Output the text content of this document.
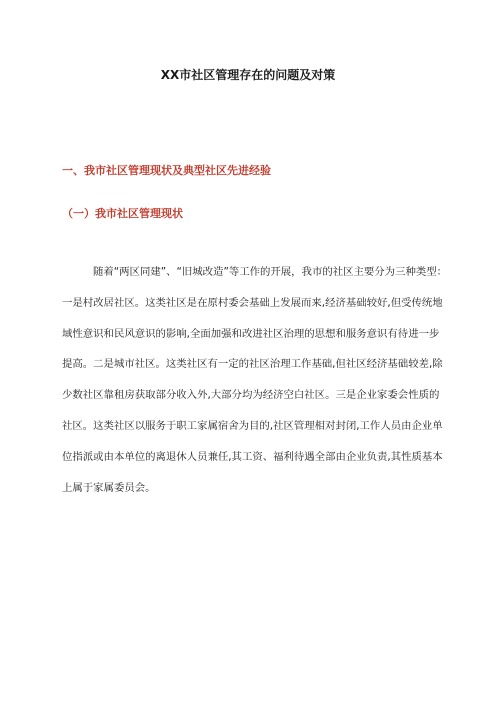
XX市社区管理存在的问题及对策
一、我市社区管理现状及典型社区先进经验
（一）我市社区管理现状
随着“两区同建”、“旧城改造”等工作的开展，我市的社区主要分为三种类型：
一是村改居社区。这类社区是在原村委会基础上发展而来,经济基础较好,但受传统地
域性意识和民风意识的影响,全面加强和改进社区治理的思想和服务意识有待进一步
提高。二是城市社区。这类社区有一定的社区治理工作基础,但社区经济基础较差,除
少数社区靠租房获取部分收入外,大部分均为经济空白社区。三是企业家委会性质的
社区。这类社区以服务于职工家属宿舍为目的,社区管理相对封闭,工作人员由企业单
位指派或由本单位的离退休人员兼任,其工资、福利待遇全部由企业负责,其性质基本
上属于家属委员会。
